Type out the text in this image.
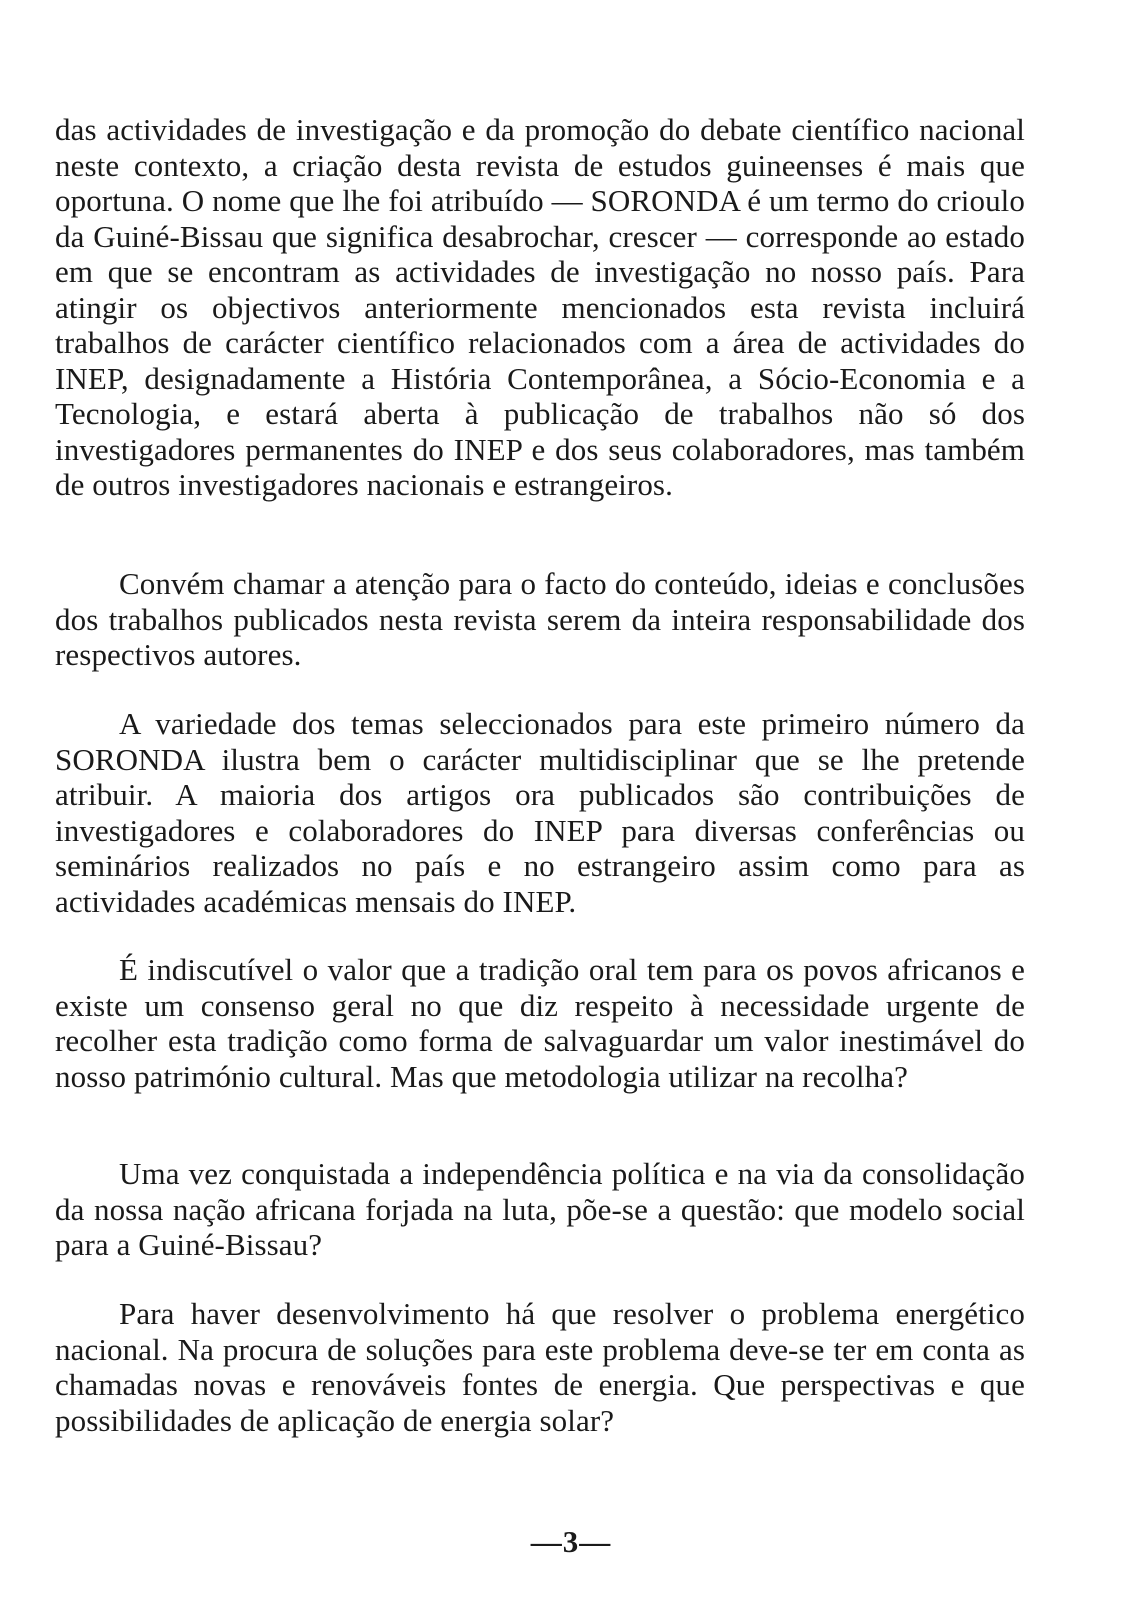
das actividades de investigação e da promoção do debate científico nacional neste contexto, a criação desta revista de estudos guineenses é mais que oportuna. O nome que lhe foi atribuído — SORONDA é um termo do crioulo da Guiné-Bissau que significa desabrochar, crescer — corresponde ao estado em que se encontram as actividades de investigação no nosso país. Para atingir os objectivos anteriormente mencionados esta revista incluirá trabalhos de carácter científico relacionados com a área de actividades do INEP, designadamente a História Contemporânea, a Sócio-Economia e a Tecnologia, e estará aberta à publicação de trabalhos não só dos investigadores permanentes do INEP e dos seus colaboradores, mas também de outros investigadores nacionais e estrangeiros.

Convém chamar a atenção para o facto do conteúdo, ideias e conclusões dos trabalhos publicados nesta revista serem da inteira responsabilidade dos respectivos autores.

A variedade dos temas seleccionados para este primeiro número da SORONDA ilustra bem o carácter multidisciplinar que se lhe pretende atribuir. A maioria dos artigos ora publicados são contribuições de investigadores e colaboradores do INEP para diversas conferências ou seminários realizados no país e no estrangeiro assim como para as actividades académicas mensais do INEP.

É indiscutível o valor que a tradição oral tem para os povos africanos e existe um consenso geral no que diz respeito à necessidade urgente de recolher esta tradição como forma de salvaguardar um valor inestimável do nosso património cultural. Mas que metodologia utilizar na recolha?

Uma vez conquistada a independência política e na via da consolidação da nossa nação africana forjada na luta, põe-se a questão: que modelo social para a Guiné-Bissau?

Para haver desenvolvimento há que resolver o problema energético nacional. Na procura de soluções para este problema deve-se ter em conta as chamadas novas e renováveis fontes de energia. Que perspectivas e que possibilidades de aplicação de energia solar?

—3—
